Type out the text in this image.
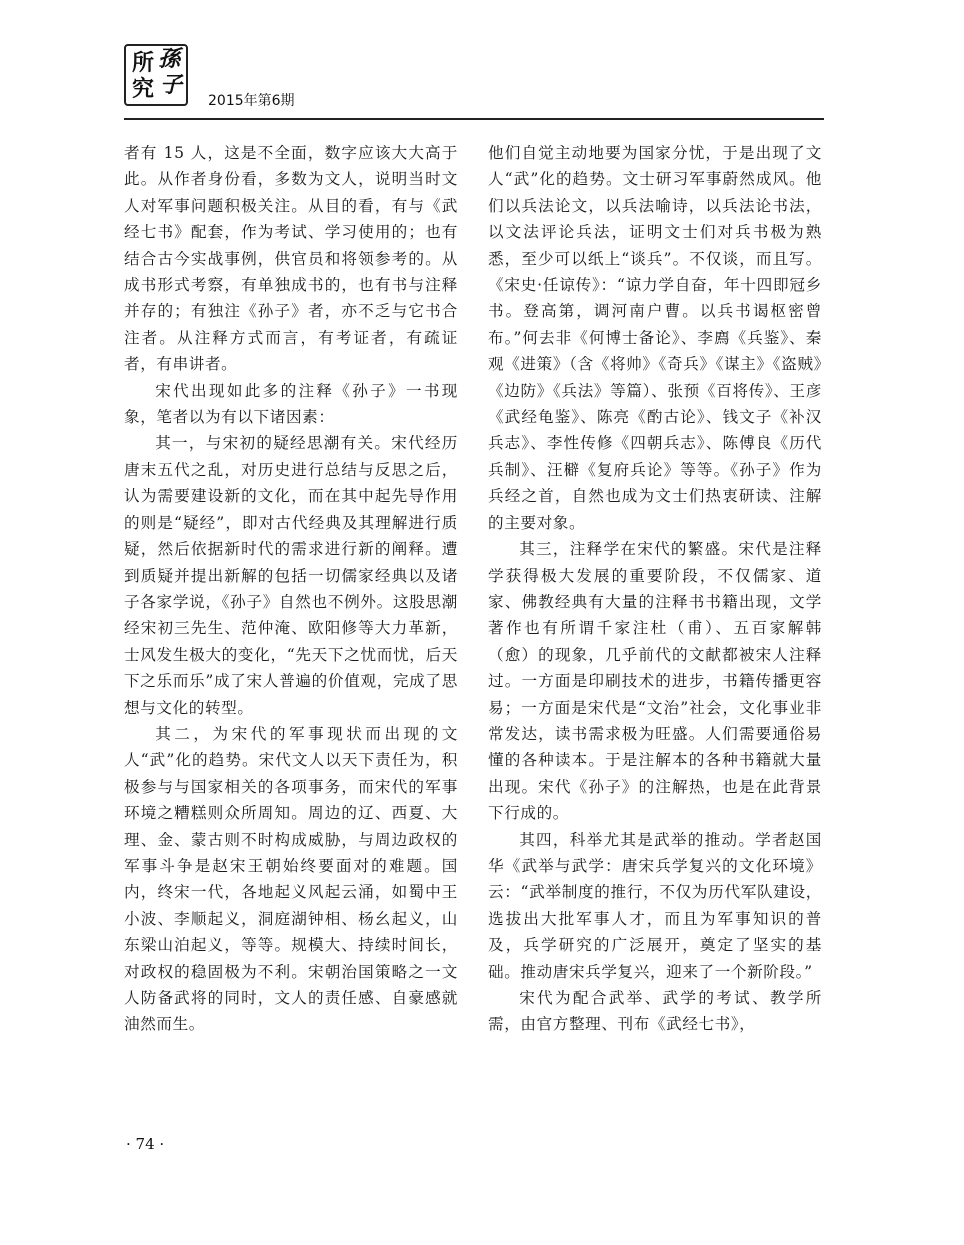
所 孫
究 子
2015年第6期

者有 15 人，这是不全面，数字应该大大高于此。从作者身份看，多数为文人，说明当时文人对军事问题积极关注。从目的看，有与《武经七书》配套，作为考试、学习使用的；也有结合古今实战事例，供官员和将领参考的。从成书形式考察，有单独成书的，也有书与注释并存的；有独注《孙子》者，亦不乏与它书合注者。从注释方式而言，有考证者，有疏证者，有串讲者。

宋代出现如此多的注释《孙子》一书现象，笔者以为有以下诸因素：

其一，与宋初的疑经思潮有关。宋代经历唐末五代之乱，对历史进行总结与反思之后，认为需要建设新的文化，而在其中起先导作用的则是“疑经”，即对古代经典及其理解进行质疑，然后依据新时代的需求进行新的阐释。遭到质疑并提出新解的包括一切儒家经典以及诸子各家学说，《孙子》自然也不例外。这股思潮经宋初三先生、范仲淹、欧阳修等大力革新，士风发生极大的变化，“先天下之忧而忧，后天下之乐而乐”成了宋人普遍的价值观，完成了思想与文化的转型。

其二，为宋代的军事现状而出现的文人“武”化的趋势。宋代文人以天下责任为，积极参与与国家相关的各项事务，而宋代的军事环境之糟糕则众所周知。周边的辽、西夏、大理、金、蒙古则不时构成威胁，与周边政权的军事斗争是赵宋王朝始终要面对的难题。国内，终宋一代，各地起义风起云涌，如蜀中王小波、李顺起义，洞庭湖钟相、杨幺起义，山东梁山泊起义，等等。规模大、持续时间长，对政权的稳固极为不利。宋朝治国策略之一文人防备武将的同时，文人的责任感、自豪感就油然而生。

他们自觉主动地要为国家分忧，于是出现了文人“武”化的趋势。文士研习军事蔚然成风。他们以兵法论文，以兵法喻诗，以兵法论书法，以文法评论兵法，证明文士们对兵书极为熟悉，至少可以纸上“谈兵”。不仅谈，而且写。《宋史·任谅传》：“谅力学自奋，年十四即冠乡书。登高第，调河南户曹。以兵书谒枢密曾布。”何去非《何博士备论》、李廌《兵鉴》、秦观《进策》（含《将帅》《奇兵》《谋主》《盗贼》《边防》《兵法》等篇）、张预《百将传》、王彦《武经龟鉴》、陈亮《酌古论》、钱文子《补汉兵志》、李性传修《四朝兵志》、陈傅良《历代兵制》、汪檘《复府兵论》等等。《孙子》作为兵经之首，自然也成为文士们热衷研读、注解的主要对象。

其三，注释学在宋代的繁盛。宋代是注释学获得极大发展的重要阶段，不仅儒家、道家、佛教经典有大量的注释书书籍出现，文学著作也有所谓千家注杜（甫）、五百家解韩（愈）的现象，几乎前代的文献都被宋人注释过。一方面是印刷技术的进步，书籍传播更容易；一方面是宋代是“文治”社会，文化事业非常发达，读书需求极为旺盛。人们需要通俗易懂的各种读本。于是注解本的各种书籍就大量出现。宋代《孙子》的注解热，也是在此背景下行成的。

其四，科举尤其是武举的推动。学者赵国华《武举与武学：唐宋兵学复兴的文化环境》云：“武举制度的推行，不仅为历代军队建设，选拔出大批军事人才，而且为军事知识的普及，兵学研究的广泛展开，奠定了坚实的基础。推动唐宋兵学复兴，迎来了一个新阶段。”

宋代为配合武举、武学的考试、教学所需，由官方整理、刊布《武经七书》，

· 74 ·
